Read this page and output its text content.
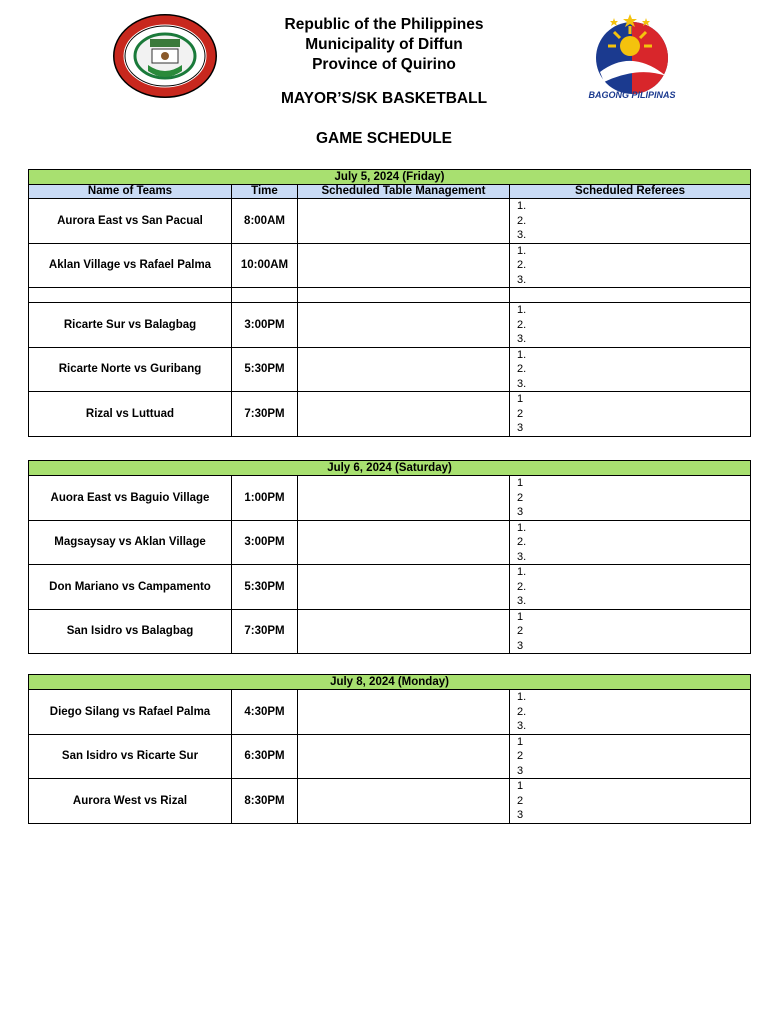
Republic of the Philippines
Municipality of Diffun
Province of Quirino
MAYOR’S/SK BASKETBALL
GAME SCHEDULE
BAGONG PILIPINAS
July 5, 2024 (Friday)			
Name of Teams	Time	Scheduled Table Management	Scheduled Referees
Aurora East vs San Pacual	8:00AM		1.
2.
3.

Aklan Village vs Rafael Palma	10:00AM		1.
2.
3.

Ricarte Sur vs Balagbag	3:00PM		1.
2.
3.

Ricarte Norte vs Guribang	5:30PM		1.
2.
3.

Rizal vs Luttuad	7:30PM		1
2
3
July 6, 2024 (Saturday)			
Auora East vs Baguio Village	1:00PM		1
2
3

Magsaysay vs Aklan Village	3:00PM		1.
2.
3.

Don Mariano vs Campamento	5:30PM		1.
2.
3.

San Isidro vs Balagbag	7:30PM		1
2
3
July 8, 2024 (Monday)			
Diego Silang vs Rafael Palma	4:30PM		1.
2.
3.

San Isidro vs Ricarte Sur	6:30PM		1
2
3

Aurora West vs Rizal	8:30PM		1
2
3
